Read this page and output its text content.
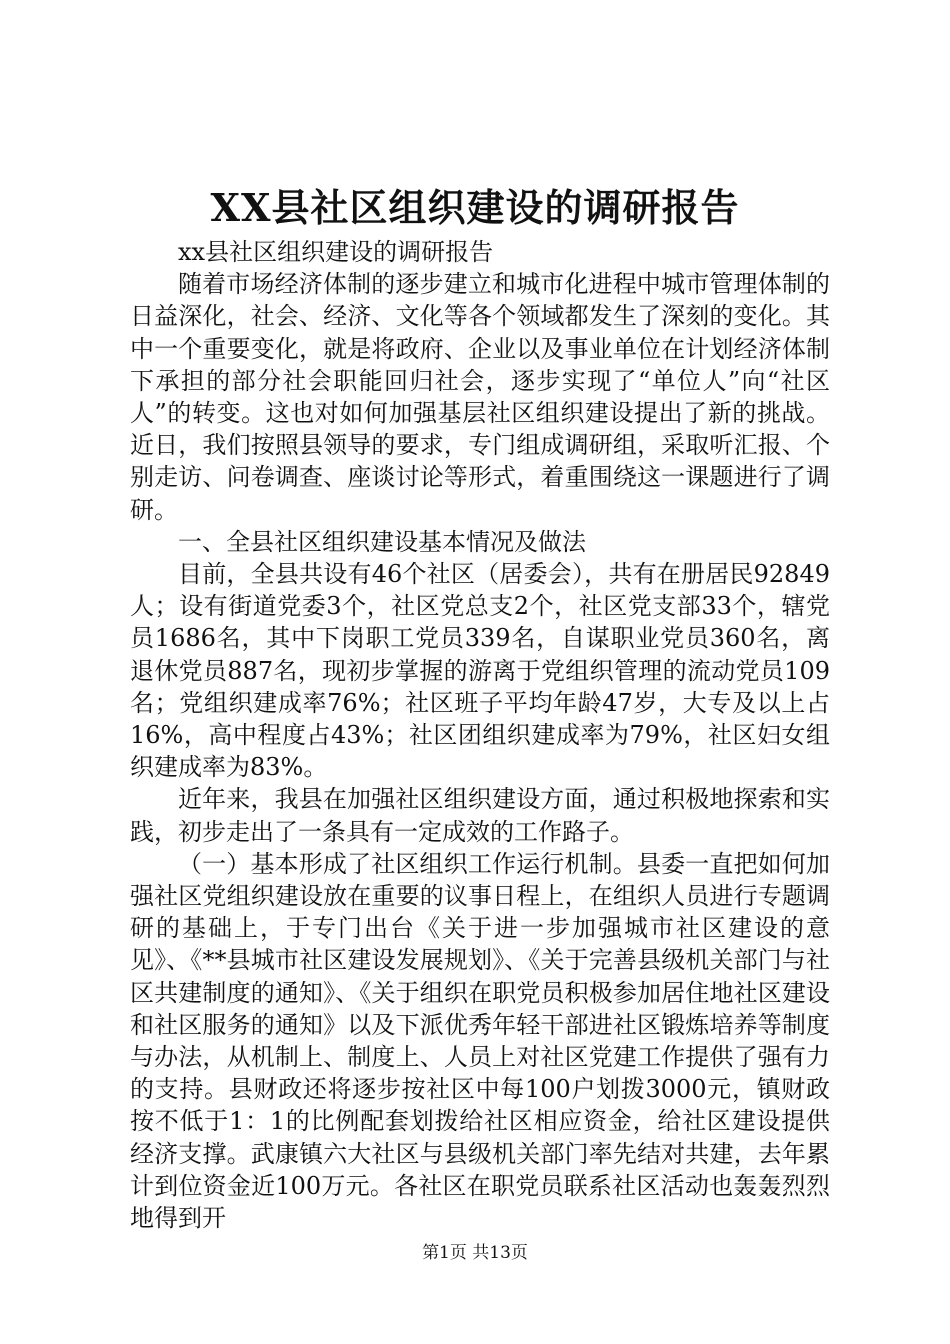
XX县社区组织建设的调研报告

xx县社区组织建设的调研报告

随着市场经济体制的逐步建立和城市化进程中城市管理体制的日益深化，社会、经济、文化等各个领域都发生了深刻的变化。其中一个重要变化，就是将政府、企业以及事业单位在计划经济体制下承担的部分社会职能回归社会，逐步实现了“单位人”向“社区人”的转变。这也对如何加强基层社区组织建设提出了新的挑战。近日，我们按照县领导的要求，专门组成调研组，采取听汇报、个别走访、问卷调查、座谈讨论等形式，着重围绕这一课题进行了调研。

一、全县社区组织建设基本情况及做法

目前，全县共设有46个社区（居委会），共有在册居民92849人；设有街道党委3个，社区党总支2个，社区党支部33个，辖党员1686名，其中下岗职工党员339名，自谋职业党员360名，离退休党员887名，现初步掌握的游离于党组织管理的流动党员109名；党组织建成率76%；社区班子平均年龄47岁，大专及以上占16%，高中程度占43%；社区团组织建成率为79%，社区妇女组织建成率为83%。

近年来，我县在加强社区组织建设方面，通过积极地探索和实践，初步走出了一条具有一定成效的工作路子。

（一）基本形成了社区组织工作运行机制。县委一直把如何加强社区党组织建设放在重要的议事日程上，在组织人员进行专题调研的基础上，于专门出台《关于进一步加强城市社区建设的意见》、《**县城市社区建设发展规划》、《关于完善县级机关部门与社区共建制度的通知》、《关于组织在职党员积极参加居住地社区建设和社区服务的通知》以及下派优秀年轻干部进社区锻炼培养等制度与办法，从机制上、制度上、人员上对社区党建工作提供了强有力的支持。县财政还将逐步按社区中每100户划拨3000元，镇财政按不低于1：1的比例配套划拨给社区相应资金，给社区建设提供经济支撑。武康镇六大社区与县级机关部门率先结对共建，去年累计到位资金近100万元。各社区在职党员联系社区活动也轰轰烈烈地得到开

第1页 共13页
